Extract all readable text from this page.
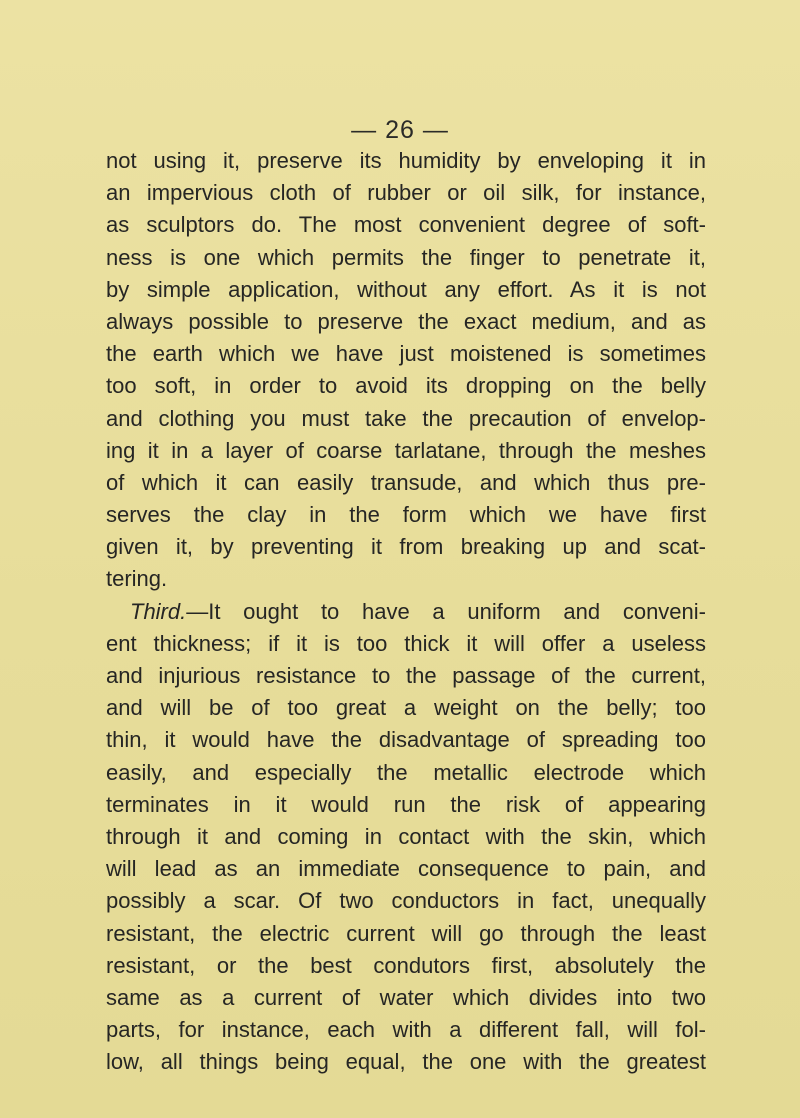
— 26 —
not using it, preserve its humidity by enveloping it in
an impervious cloth of rubber or oil silk, for instance,
as sculptors do. The most convenient degree of soft-
ness is one which permits the finger to penetrate it,
by simple application, without any effort. As it is not
always possible to preserve the exact medium, and as
the earth which we have just moistened is sometimes
too soft, in order to avoid its dropping on the belly
and clothing you must take the precaution of envelop-
ing it in a layer of coarse tarlatane, through the meshes
of which it can easily transude, and which thus pre-
serves the clay in the form which we have first
given it, by preventing it from breaking up and scat-
tering.
Third.—It ought to have a uniform and conveni-
ent thickness; if it is too thick it will offer a useless
and injurious resistance to the passage of the current,
and will be of too great a weight on the belly; too
thin, it would have the disadvantage of spreading too
easily, and especially the metallic electrode which
terminates in it would run the risk of appearing
through it and coming in contact with the skin, which
will lead as an immediate consequence to pain, and
possibly a scar. Of two conductors in fact, unequally
resistant, the electric current will go through the least
resistant, or the best condutors first, absolutely the
same as a current of water which divides into two
parts, for instance, each with a different fall, will fol-
low, all things being equal, the one with the greatest
